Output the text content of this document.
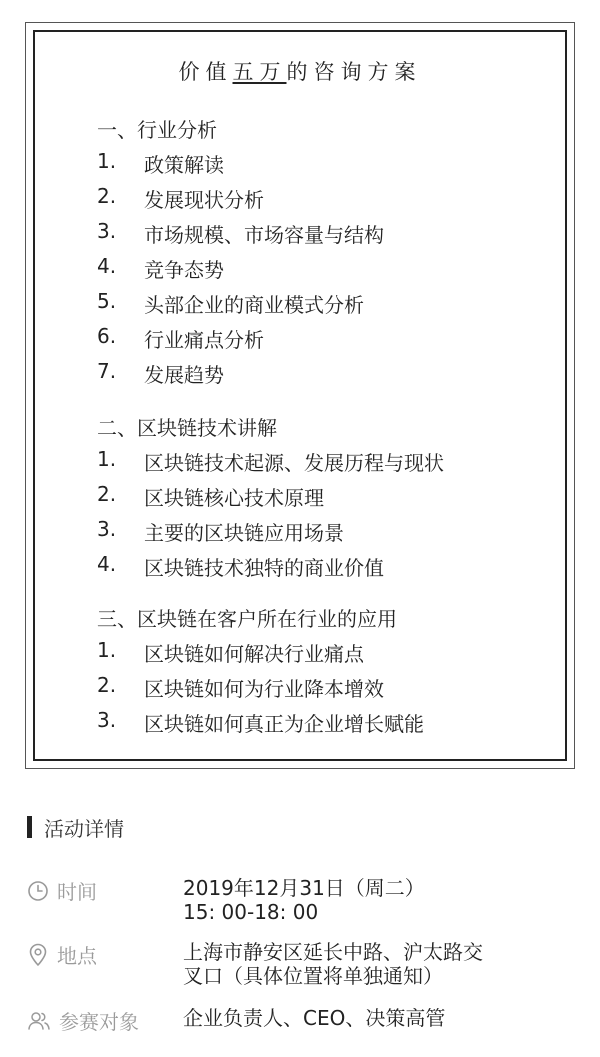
价值五万的咨询方案
一、行业分析
1.	政策解读
2.	发展现状分析
3.	市场规模、市场容量与结构
4.	竞争态势
5.	头部企业的商业模式分析
6.	行业痛点分析
7.	发展趋势
二、区块链技术讲解
1.	区块链技术起源、发展历程与现状
2.	区块链核心技术原理
3.	主要的区块链应用场景
4.	区块链技术独特的商业价值
三、区块链在客户所在行业的应用
1.	区块链如何解决行业痛点
2.	区块链如何为行业降本增效
3.	区块链如何真正为企业增长赋能
活动详情
时间	2019年12月31日（周二）
15: 00-18: 00
地点	上海市静安区延长中路、沪太路交
叉口（具体位置将单独通知）
参赛对象 企业负责人、CEO、决策高管
